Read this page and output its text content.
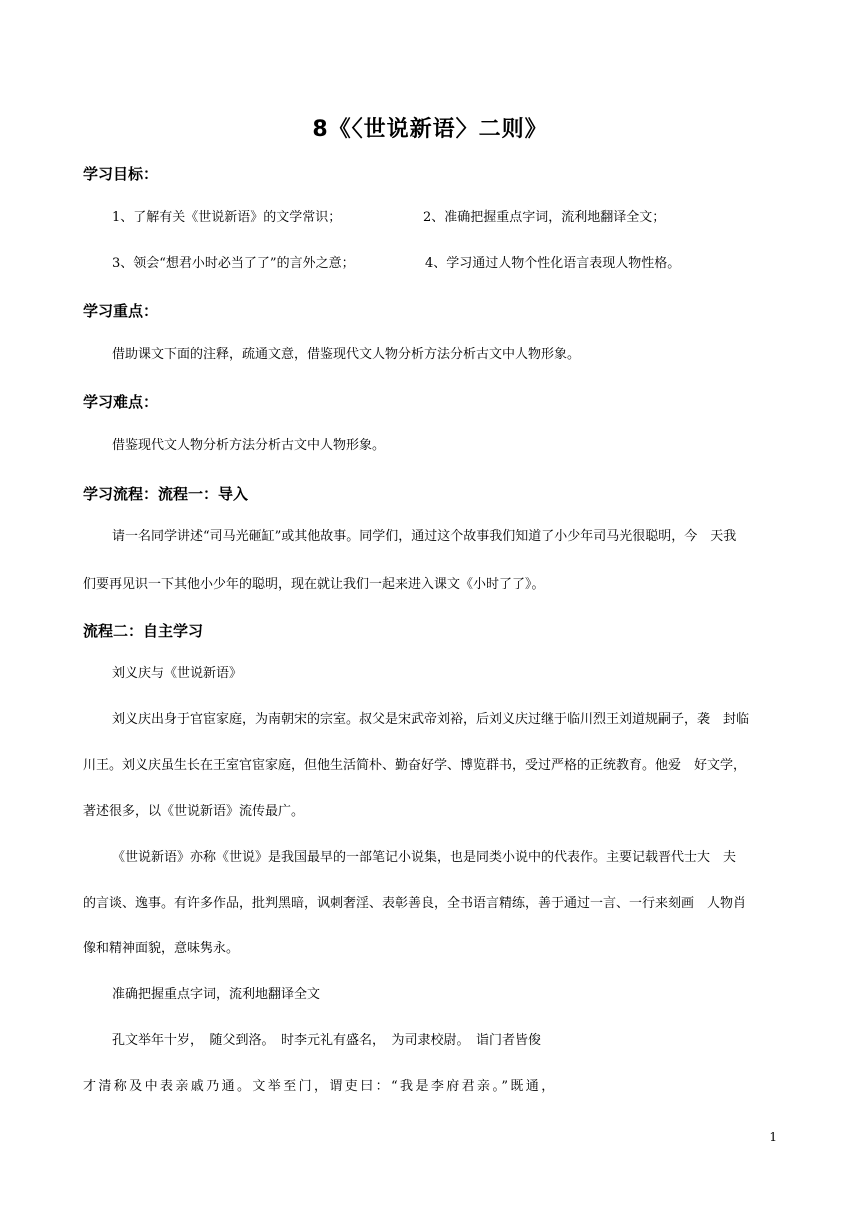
8《〈世说新语〉二则》
学习目标：
1、了解有关《世说新语》的文学常识；	2、准确把握重点字词，流利地翻译全文；
3、领会“想君小时必当了了”的言外之意；	4、学习通过人物个性化语言表现人物性格。
学习重点：
借助课文下面的注释，疏通文意，借鉴现代文人物分析方法分析古文中人物形象。
学习难点：
借鉴现代文人物分析方法分析古文中人物形象。
学习流程：流程一：导入
请一名同学讲述“司马光砸缸”或其他故事。同学们，通过这个故事我们知道了小少年司马光很聪明，今　天我
们要再见识一下其他小少年的聪明，现在就让我们一起来进入课文《小时了了》。
流程二：自主学习
刘义庆与《世说新语》
刘义庆出身于官宦家庭，为南朝宋的宗室。叔父是宋武帝刘裕，后刘义庆过继于临川烈王刘道规嗣子，袭　封临
川王。刘义庆虽生长在王室官宦家庭，但他生活简朴、勤奋好学、博览群书，受过严格的正统教育。他爱　好文学，
著述很多，以《世说新语》流传最广。
《世说新语》亦称《世说》是我国最早的一部笔记小说集，也是同类小说中的代表作。主要记载晋代士大　夫
的言谈、逸事。有许多作品，批判黑暗，讽刺奢淫、表彰善良，全书语言精练，善于通过一言、一行来刻画　人物肖
像和精神面貌，意味隽永。
准确把握重点字词，流利地翻译全文
孔文举年十岁，　随父到洛。　时李元礼有盛名，　为司隶校尉。　诣门者皆俊
才清称及中表亲戚乃通。文举至门，谓吏曰：“我是李府君亲。”既通，
1
